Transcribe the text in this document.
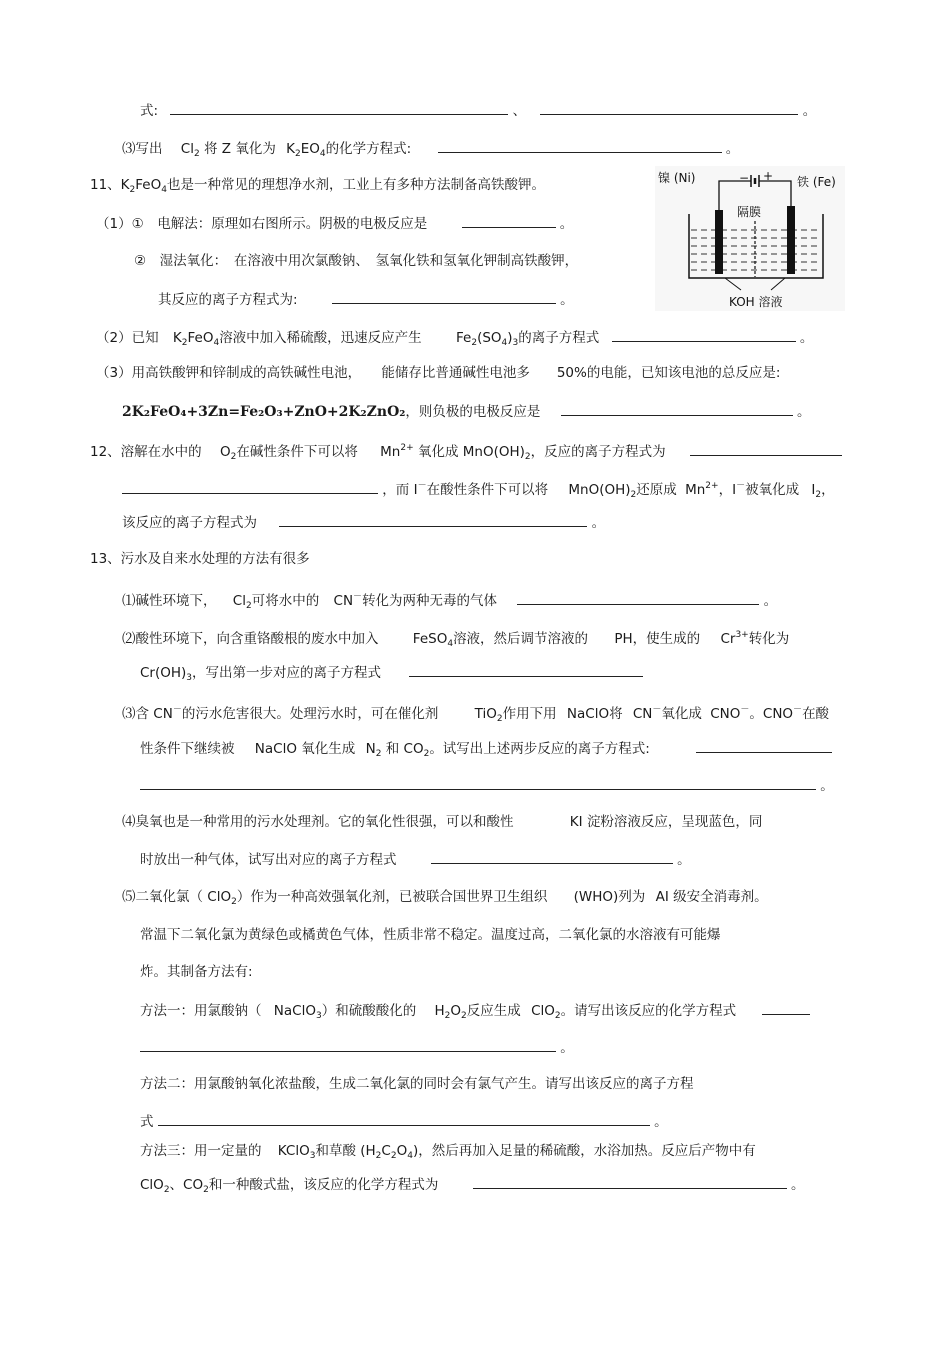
式:	、	。
⑶写出 $Cl_2$ 将 Z 氧化为 $K_2EO_4$的化学方程式:	。
11、$K_2FeO_4$也是一种常见的理想净水剂，工业上有多种方法制备高铁酸钾。
（1）①　电解法：原理如右图所示。阴极的电极反应是	。
②　湿法氧化：　在溶液中用次氯酸钠、　氢氧化铁和氢氧化钾制高铁酸钾，
其反应的离子方程式为:	。
镍 (Ni)	铁 (Fe)
− +
隔膜
KOH 溶液
（2）已知 $K_2FeO_4$溶液中加入稀硫酸，迅速反应产生	$Fe_2(SO_4)_3$的离子方程式	。
（3）用高铁酸钾和锌制成的高铁碱性电池，　　能储存比普通碱性电池多　　50%的电能，已知该电池的总反应是:
2K₂FeO₄+3Zn=Fe₂O₃+ZnO+2K₂ZnO₂，则负极的电极反应是	。
12、溶解在水中的 $O_2$在碱性条件下可以将 $Mn^{2+}$ 氧化成 $MnO(OH)_2$，反应的离子方程式为
，而 I－在酸性条件下可以将 $MnO(OH)_2$还原成 $Mn^{2+}$，I－被氧化成 $I_2$，
该反应的离子方程式为	。
13、污水及自来水处理的方法有很多
⑴碱性环境下， $Cl_2$可将水中的 CN－转化为两种无毒的气体	。
⑵酸性环境下，向含重铬酸根的废水中加入	FeSO$_4$溶液，然后调节溶液的 PH，使生成的 $Cr^{3+}$转化为
$Cr(OH)_3$，写出第一步对应的离子方程式
⑶含 CN－的污水危害很大。处理污水时，可在催化剂	TiO$_2$作用下用 NaClO将 CN－氧化成 CNO－。CNO－在酸
性条件下继续被 NaClO 氧化生成 $N_2$ 和 $CO_2$。试写出上述两步反应的离子方程式:
。
⑷臭氧也是一种常用的污水处理剂。它的氧化性很强，可以和酸性	KI 淀粉溶液反应，呈现蓝色，同
时放出一种气体，试写出对应的离子方程式	。
⑸二氧化氯（ ClO$_2$）作为一种高效强氧化剂，已被联合国世界卫生组织 (WHO)列为 AI 级安全消毒剂。
常温下二氧化氯为黄绿色或橘黄色气体，性质非常不稳定。温度过高，二氧化氯的水溶液有可能爆
炸。其制备方法有:
方法一：用氯酸钠（ NaClO$_3$）和硫酸酸化的 $H_2O_2$反应生成 ClO$_2$。请写出该反应的化学方程式
。
方法二：用氯酸钠氧化浓盐酸，生成二氧化氯的同时会有氯气产生。请写出该反应的离子方程
式	。
方法三：用一定量的 KClO$_3$和草酸 $(H_2C_2O_4)$，然后再加入足量的稀硫酸，水浴加热。反应后产物中有
ClO$_2$、$CO_2$和一种酸式盐，该反应的化学方程式为	。
